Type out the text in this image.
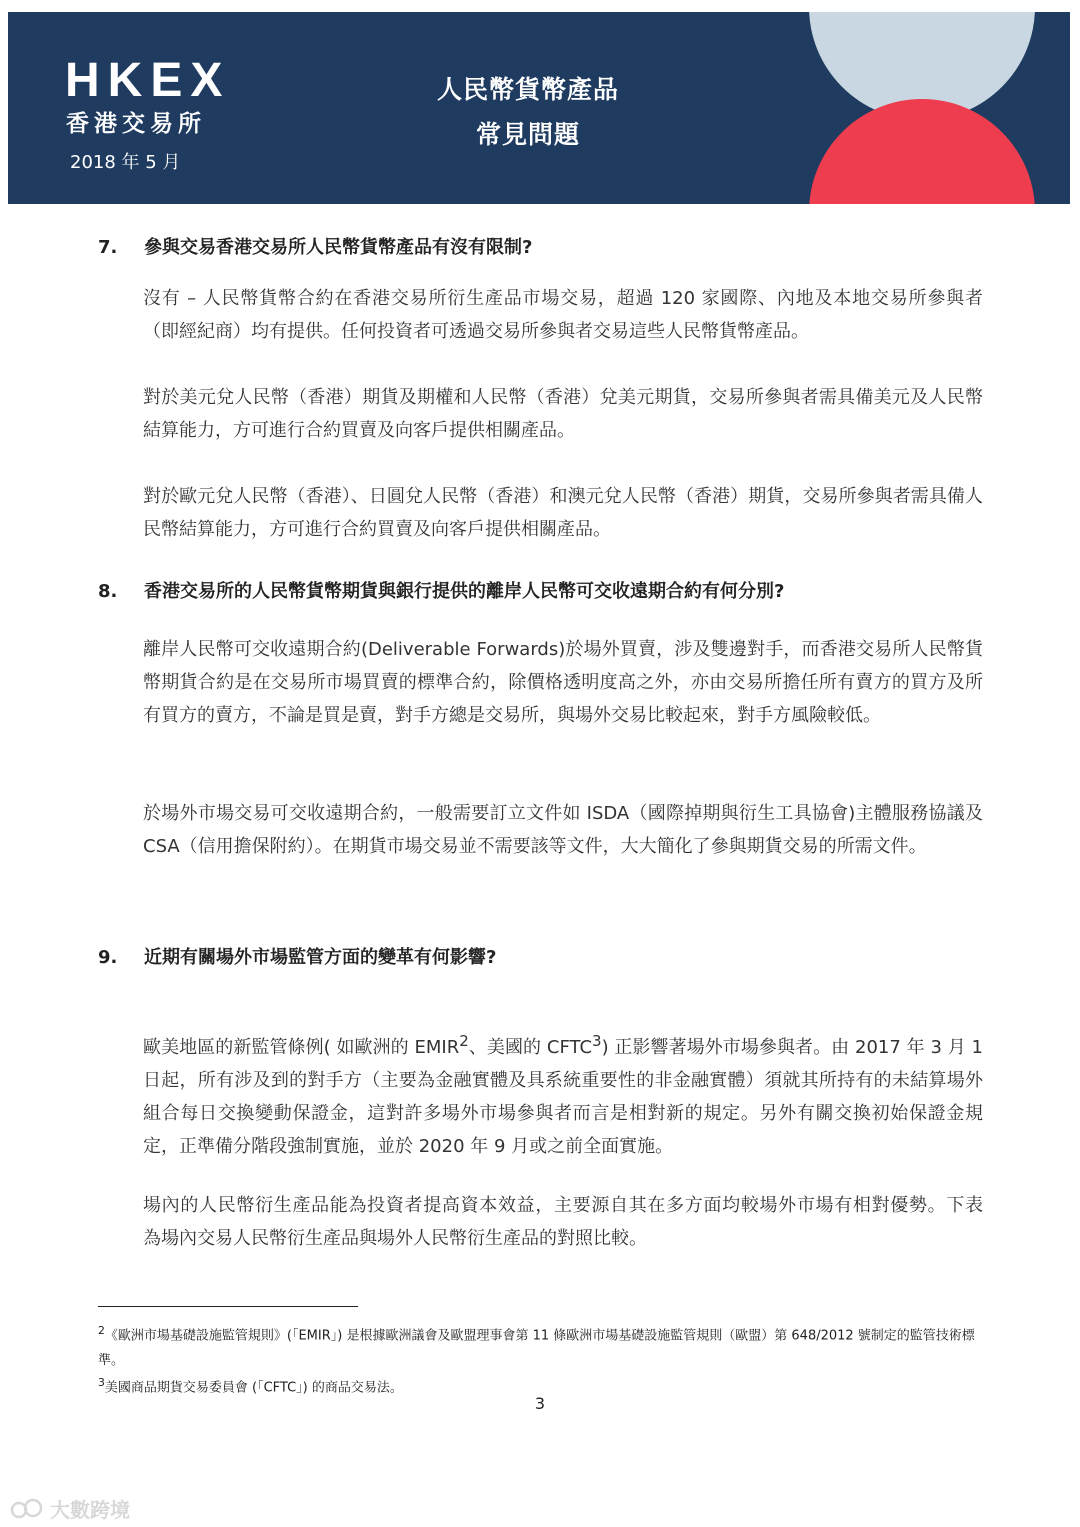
HKEX
香港交易所
2018 年 5 月
人民幣貨幣產品
常見問題
7. 參與交易香港交易所人民幣貨幣產品有沒有限制?
沒有 – 人民幣貨幣合約在香港交易所衍生產品市場交易，超過 120 家國際、內地及本地交易所參與者（即經紀商）均有提供。任何投資者可透過交易所參與者交易這些人民幣貨幣產品。
對於美元兌人民幣（香港）期貨及期權和人民幣（香港）兌美元期貨，交易所參與者需具備美元及人民幣結算能力，方可進行合約買賣及向客戶提供相關產品。
對於歐元兌人民幣（香港）、日圓兌人民幣（香港）和澳元兌人民幣（香港）期貨，交易所參與者需具備人民幣結算能力，方可進行合約買賣及向客戶提供相關產品。
8. 香港交易所的人民幣貨幣期貨與銀行提供的離岸人民幣可交收遠期合約有何分別?
離岸人民幣可交收遠期合約(Deliverable Forwards)於場外買賣，涉及雙邊對手，而香港交易所人民幣貨幣期貨合約是在交易所市場買賣的標準合約，除價格透明度高之外，亦由交易所擔任所有賣方的買方及所有買方的賣方，不論是買是賣，對手方總是交易所，與場外交易比較起來，對手方風險較低。
於場外市場交易可交收遠期合約，一般需要訂立文件如 ISDA（國際掉期與衍生工具協會)主體服務協議及 CSA（信用擔保附約）。在期貨市場交易並不需要該等文件，大大簡化了參與期貨交易的所需文件。
9. 近期有關場外市場監管方面的變革有何影響?
歐美地區的新監管條例( 如歐洲的 EMIR$^2$、美國的 CFTC$^3$) 正影響著場外市場參與者。由 2017 年 3 月 1 日起，所有涉及到的對手方（主要為金融實體及具系統重要性的非金融實體）須就其所持有的未結算場外組合每日交換變動保證金，這對許多場外市場參與者而言是相對新的規定。另外有關交換初始保證金規定，正準備分階段強制實施，並於 2020 年 9 月或之前全面實施。
場內的人民幣衍生產品能為投資者提高資本效益，主要源自其在多方面均較場外市場有相對優勢。下表　為場內交易人民幣衍生產品與場外人民幣衍生產品的對照比較。
$^2$《歐洲市場基礎設施監管規則》(「EMIR」) 是根據歐洲議會及歐盟理事會第 11 條歐洲市場基礎設施監管規則（歐盟）第 648/2012 號制定的監管技術標準。
$^3$美國商品期貨交易委員會 (「CFTC」) 的商品交易法。
3
大數跨境
